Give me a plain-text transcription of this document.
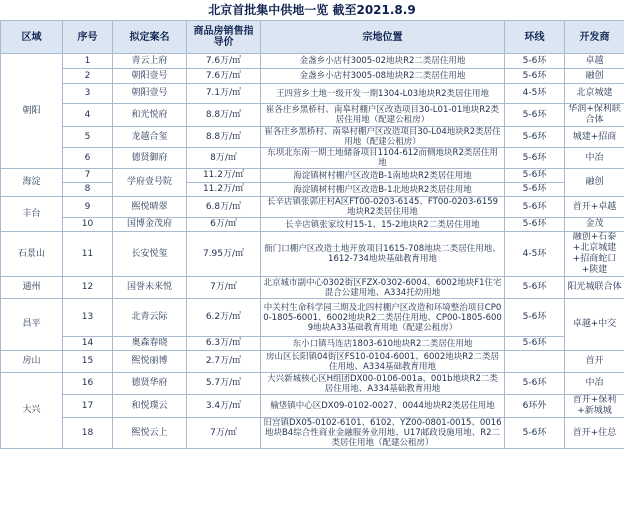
北京首批集中供地一览 截至2021.8.9
区域	序号	拟定案名	商品房销售指导价	宗地位置	环线	开发商
朝阳	1	青云上府	7.6万/㎡	金盏乡小店村3005-02地块R2二类居住用地	5-6环	卓越
	2	朝阳壹号	7.6万/㎡	金盏乡小店村3005-08地块R2二类居住用地	5-6环	融创
	3	朝阳壹号	7.1万/㎡	王四营乡土地一级开发一期1304-L03地块R2类居住用地	4-5环	北京城建
	4	和光悦府	8.8万/㎡	崔各庄乡黑桥村、南皋村棚户区改造项目30-L01-01地块R2类居住用地（配建公租房）	5-6环	华润+保利联合体
	5	龙越合玺	8.8万/㎡	崔各庄乡黑桥村、南皋村棚户区改造项目30-L04地块R2类居住用地（配建公租房）	5-6环	城建+招商
	6	德贤御府	8万/㎡	东坝北东南一期土地储备项目1104-612而侧地块R2类居住用地	5-6环	中冶
海淀	7	学府壹号院	11.2万/㎡	海淀镇树村棚户区改造B-1南地块R2类居住用地	5-6环	融创
	8		11.2万/㎡	海淀镇树村棚户区改造B-1北地块R2类居住用地	5-6环	
丰台	9	熙悦晴翠	6.8万/㎡	长辛店镇张郭庄村A区FT00-0203-6145、FT00-0203-6159地块R2类居住用地	5-6环	首开+卓越
	10	国博金茂府	6万/㎡	长辛店镇张家坟村15-1、15-2地块R2二类居住用地	5-6环	金茂
石景山	11	长安悦玺	7.95万/㎡	衙门口棚户区改造土地开放项目1615-708地块二类居住用地、1612-734地块基础教育用地	4-5环	融创+石泰+北京城建+招商蛇口+陕建
通州	12	国誉未来悦	7万/㎡	北京城市副中心0302街区FZX-0302-6004、6002地块F1住宅混合公建用地、A334托幼用地	5-6环	阳光城联合体
昌平	13	北青云际	6.2万/㎡	中关村生命科学园三期及北四村棚户区改造和环境整治项目CP00-1805-6001、6002地块R2二类居住用地、CP00-1805-6009地块A33基础教育用地（配建公租房）	5-6环	卓越+中交
	14	奥森春晓	6.3万/㎡	东小口镇马连店1803-610地块R2二类居住用地	5-6环	
房山	15	熙悦丽博	2.7万/㎡	房山区长阳镇04街区FS10-0104-6001、6002地块R2二类居住用地、A334基础教育用地		首开
大兴	16	德贤华府	5.7万/㎡	大兴新城核心区H组团DX00-0106-001a、001b地块R2二类居住用地、A334基础教育用地	5-6环	中冶
	17	和悦璞云	3.4万/㎡	榆垡镇中心区DX09-0102-0027、0044地块R2类居住用地	6环外	首开+保利+新城城
	18	熙悦云上	7万/㎡	旧宫镇DX05-0102-6101、6102、YZ00-0801-0015、0016地块B4综合性商业金融服务业用地、U17邮政设施用地、R2二类居住用地（配建公租房）	5-6环	首开+住总
